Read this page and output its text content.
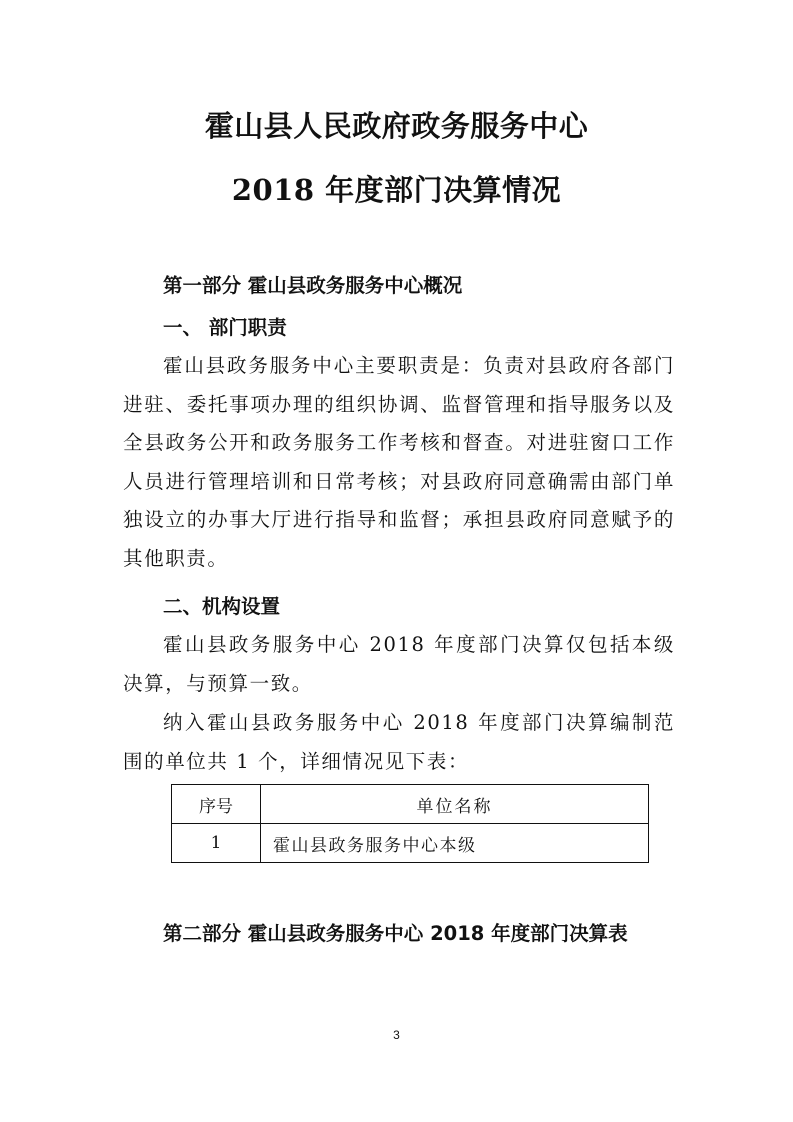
霍山县人民政府政务服务中心
2018 年度部门决算情况
第一部分 霍山县政务服务中心概况
一、 部门职责

霍山县政务服务中心主要职责是：负责对县政府各部门进驻、委托事项办理的组织协调、监督管理和指导服务以及全县政务公开和政务服务工作考核和督查。对进驻窗口工作人员进行管理培训和日常考核；对县政府同意确需由部门单独设立的办事大厅进行指导和监督；承担县政府同意赋予的其他职责。

二、机构设置

霍山县政务服务中心 2018 年度部门决算仅包括本级决算，与预算一致。

纳入霍山县政务服务中心 2018 年度部门决算编制范围的单位共 1 个，详细情况见下表：

序号	单位名称
1	霍山县政务服务中心本级
第二部分 霍山县政务服务中心 2018 年度部门决算表
3
